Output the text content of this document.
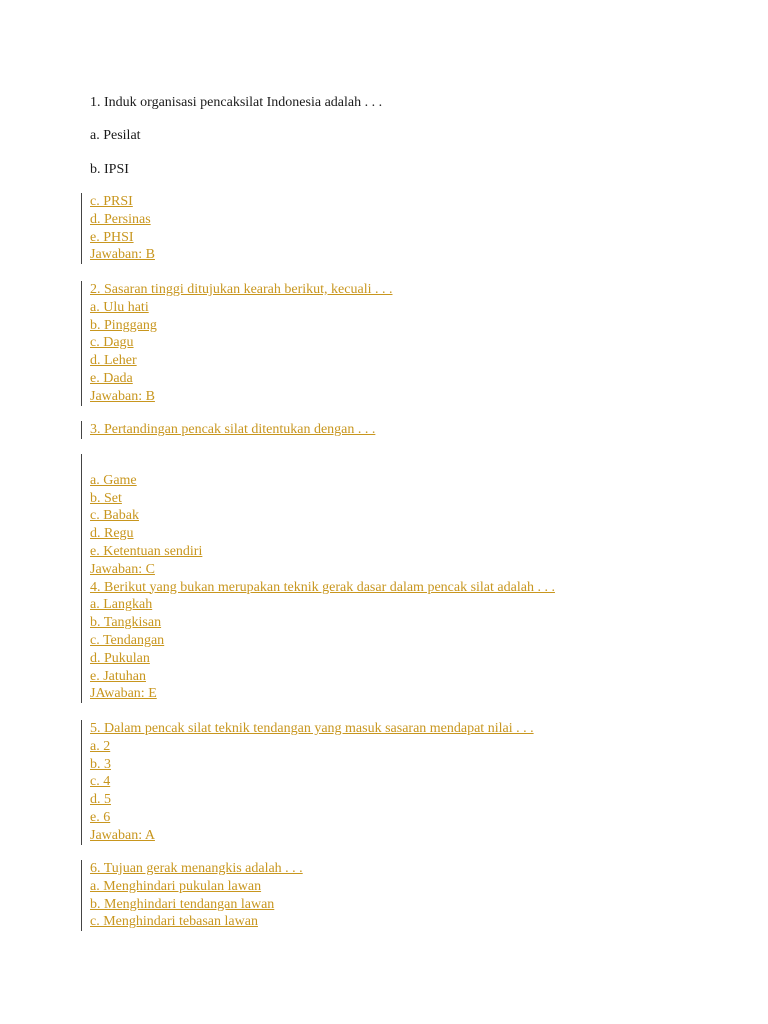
1. Induk organisasi pencaksilat Indonesia adalah . . .
a. Pesilat
b. IPSI
c. PRSI
d. Persinas
e. PHSI
Jawaban: B
2. Sasaran tinggi ditujukan kearah berikut, kecuali . . .
a. Ulu hati
b. Pinggang
c. Dagu
d. Leher
e. Dada
Jawaban: B
3. Pertandingan pencak silat ditentukan dengan . . .
a. Game
b. Set
c. Babak
d. Regu
e. Ketentuan sendiri
Jawaban: C
4. Berikut yang bukan merupakan teknik gerak dasar dalam pencak silat adalah . . .
a. Langkah
b. Tangkisan
c. Tendangan
d. Pukulan
e. Jatuhan
JAwaban: E
5. Dalam pencak silat teknik tendangan yang masuk sasaran mendapat nilai . . .
a. 2
b. 3
c. 4
d. 5
e. 6
Jawaban: A
6. Tujuan gerak menangkis adalah . . .
a. Menghindari pukulan lawan
b. Menghindari tendangan lawan
c. Menghindari tebasan lawan
